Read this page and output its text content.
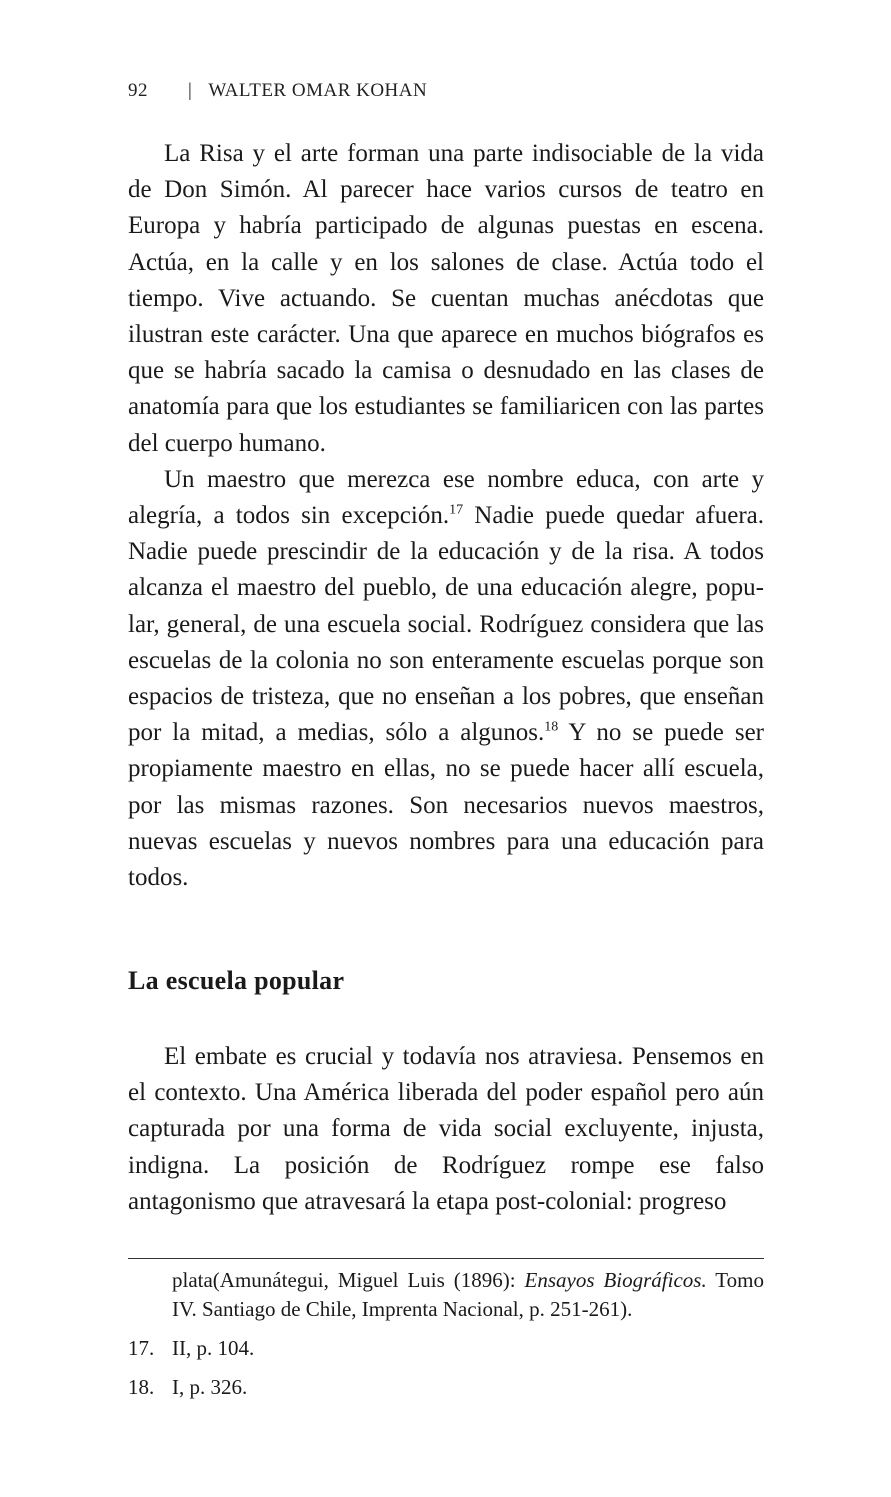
92 | WALTER OMAR KOHAN

La Risa y el arte forman una parte indisociable de la vida de Don Simón. Al parecer hace varios cursos de teatro en Europa y habría participado de algunas puestas en escena. Actúa, en la calle y en los salones de clase. Actúa todo el tiempo. Vive actuando. Se cuentan muchas anécdotas que ilustran este carácter. Una que aparece en muchos biógrafos es que se habría sacado la camisa o desnudado en las clases de anatomía para que los estudiantes se familiaricen con las partes del cuerpo humano.

Un maestro que merezca ese nombre educa, con arte y alegría, a todos sin excepción.$^{17}$ Nadie puede quedar afuera. Nadie puede prescindir de la educación y de la risa. A todos alcanza el maestro del pueblo, de una educación alegre, popular, general, de una escuela social. Rodríguez considera que las escuelas de la colonia no son enteramente escuelas porque son espacios de tristeza, que no enseñan a los pobres, que enseñan por la mitad, a medias, sólo a algunos.$^{18}$ Y no se puede ser propiamente maestro en ellas, no se puede hacer allí escuela, por las mismas razones. Son necesarios nuevos maestros, nuevas escuelas y nuevos nombres para una educación para todos.

La escuela popular

El embate es crucial y todavía nos atraviesa. Pensemos en el contexto. Una América liberada del poder español pero aún capturada por una forma de vida social excluyente, injusta, indigna. La posición de Rodríguez rompe ese falso antagonismo que atravesará la etapa post-colonial: progreso

plata(Amunátegui, Miguel Luis (1896): Ensayos Biográficos. Tomo IV. Santiago de Chile, Imprenta Nacional, p. 251-261).

17. II, p. 104.
18. I, p. 326.
